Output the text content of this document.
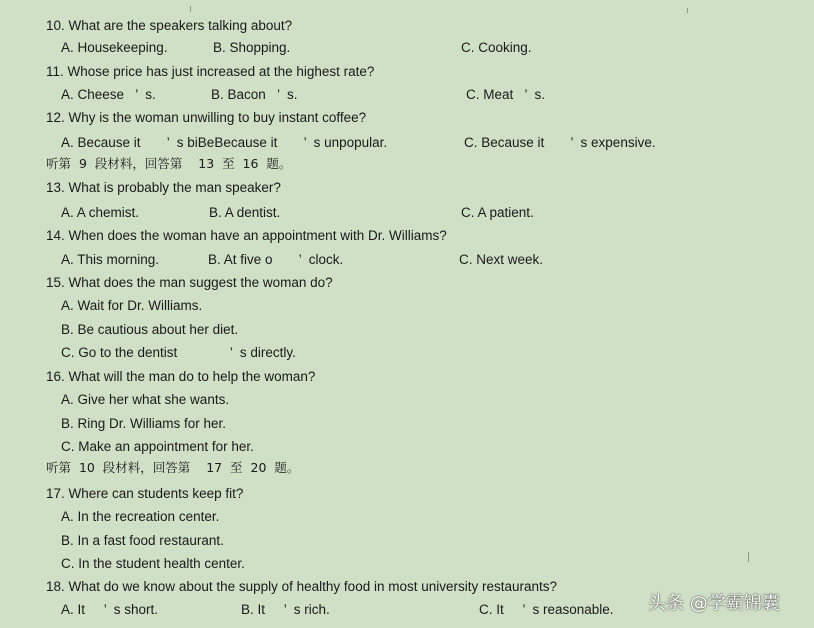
10. What are the speakers talking about?
A. Housekeeping.	B. Shopping.	C. Cooking.
11. Whose price has just increased at the highest rate?
A. Cheese   ’  s.	B. Bacon   ’  s.	C. Meat   ’  s.
12. Why is the woman unwilling to buy instant coffee?
A. Because it       ’  s biBeBecause it       ’  s unpopular.	C. Because it       ’  s expensive.
听第  9  段材料，回答第    13  至  16  题。
13. What is probably the man speaker?
A. A chemist.	B. A dentist.	C. A patient.
14. When does the woman have an appointment with Dr. Williams?
A. This morning.	B. At five o       ’  clock.	C. Next week.
15. What does the man suggest the woman do?
A. Wait for Dr. Williams.
B. Be cautious about her diet.
C. Go to the dentist              ’  s directly.
16. What will the man do to help the woman?
A. Give her what she wants.
B. Ring Dr. Williams for her.
C. Make an appointment for her.
听第  10  段材料，回答第    17  至  20  题。
17. Where can students keep fit?
A. In the recreation center.
B. In a fast food restaurant.
C. In the student health center.
18. What do we know about the supply of healthy food in most university restaurants?
A. It     ’  s short.	B. It     ’  s rich.	C. It     ’  s reasonable. 头条 @学霸锦囊
